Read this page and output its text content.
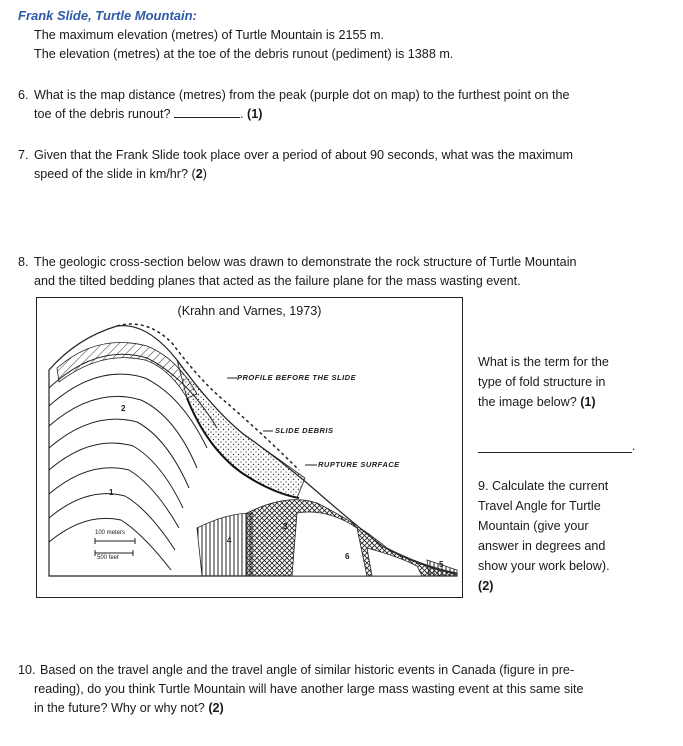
Frank Slide, Turtle Mountain:
The maximum elevation (metres) of Turtle Mountain is 2155 m.
The elevation (metres) at the toe of the debris runout (pediment) is 1388 m.
6. What is the map distance (metres) from the peak (purple dot on map) to the furthest point on the
toe of the debris runout?	. (1)
7. Given that the Frank Slide took place over a period of about 90 seconds, what was the maximum
speed of the slide in km/hr? (2)
8. The geologic cross-section below was drawn to demonstrate the rock structure of Turtle Mountain
and the tilted bedding planes that acted as the failure plane for the mass wasting event.
(Krahn and Varnes, 1973)
PROFILE BEFORE THE SLIDE
SLIDE DEBRIS
RUPTURE SURFACE
100 meters
500 feet
1
2
3
4
5
6
What is the term for the
type of fold structure in
the image below? (1)
.
9. Calculate the current
Travel Angle for Turtle
Mountain (give your
answer in degrees and
show your work below).
(2)
10. Based on the travel angle and the travel angle of similar historic events in Canada (figure in pre-
reading), do you think Turtle Mountain will have another large mass wasting event at this same site
in the future? Why or why not? (2)
